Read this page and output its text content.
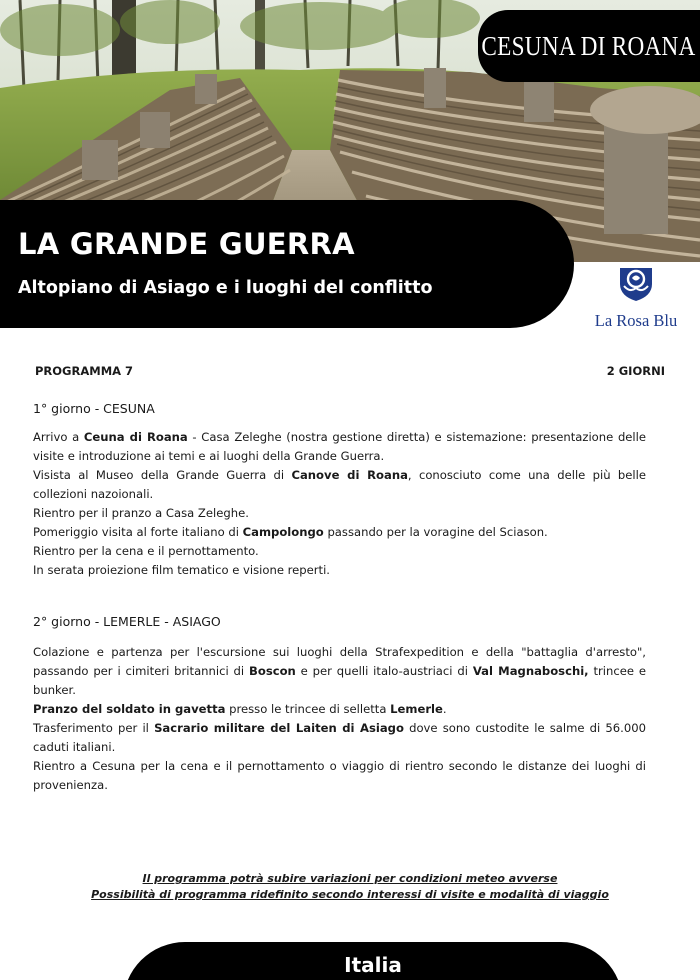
CESUNA DI ROANA
LA GRANDE GUERRA
Altopiano di Asiago e i luoghi del conflitto
La Rosa Blu
PROGRAMMA 7	2 GIORNI
1° giorno - CESUNA

Arrivo a Ceuna di Roana - Casa Zeleghe (nostra gestione diretta) e sistemazione: presentazione delle visite e introduzione ai temi e ai luoghi della Grande Guerra.

Visista al Museo della Grande Guerra di Canove di Roana, conosciuto come una delle più belle collezioni nazoionali.

Rientro per il pranzo a Casa Zeleghe.

Pomeriggio visita al forte italiano di Campolongo passando per la voragine del Sciason.

Rientro per la cena e il pernottamento.

In serata proiezione film tematico e visione reperti.

2° giorno - LEMERLE - ASIAGO

Colazione e partenza per l'escursione sui luoghi della Strafexpedition e della "battaglia d'arresto", passando per i cimiteri britannici di Boscon e per quelli italo-austriaci di Val Magnaboschi, trincee e bunker.

Pranzo del soldato in gavetta presso le trincee di selletta Lemerle.

Trasferimento per il Sacrario militare del Laiten di Asiago dove sono custodite le salme di 56.000 caduti italiani.

Rientro a Cesuna per la cena e il pernottamento o viaggio di rientro secondo le distanze dei luoghi di provenienza.

Il programma potrà subire variazioni per condizioni meteo avverse
Possibilità di programma ridefinito secondo interessi di visite e modalità di viaggio
Italia
